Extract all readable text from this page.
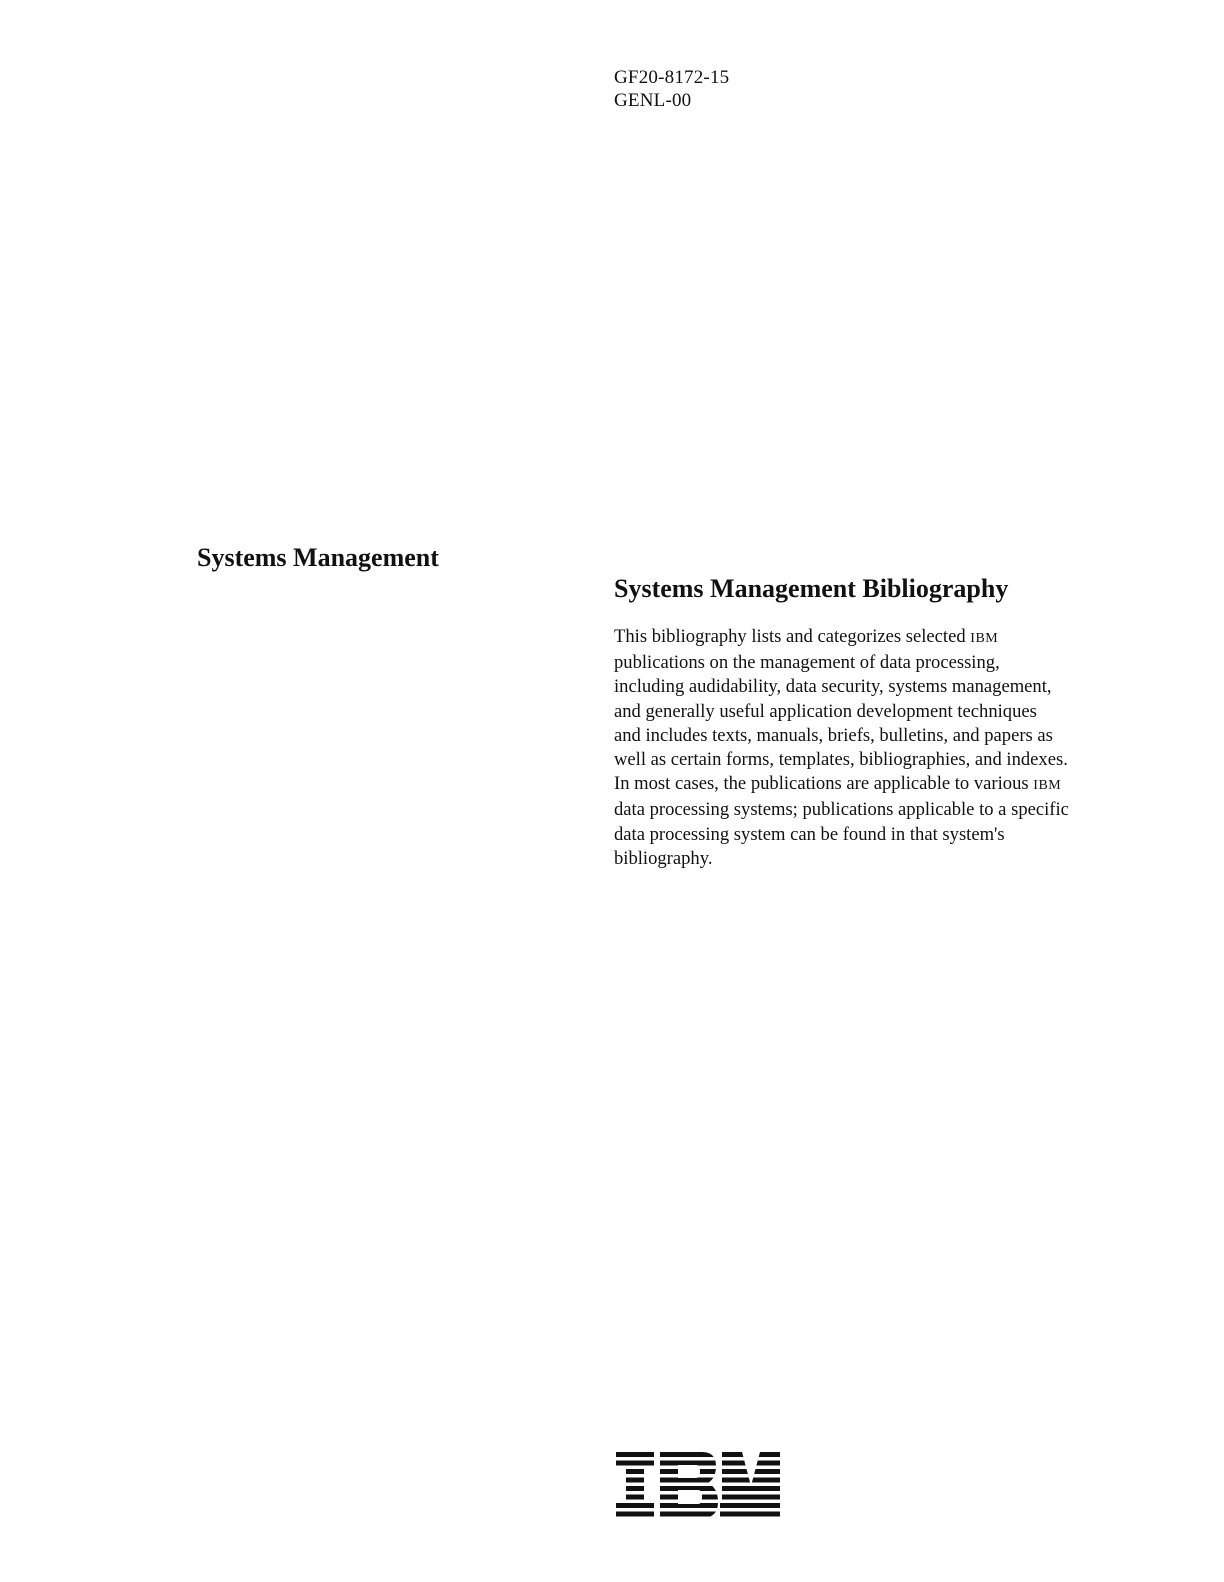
GF20-8172-15
GENL-00
Systems Management
Systems Management Bibliography
This bibliography lists and categorizes selected IBM
publications on the management of data processing,
including audidability, data security, systems management,
and generally useful application development techniques
and includes texts, manuals, briefs, bulletins, and papers as
well as certain forms, templates, bibliographies, and indexes.
In most cases, the publications are applicable to various IBM
data processing systems; publications applicable to a specific
data processing system can be found in that system's
bibliography.
